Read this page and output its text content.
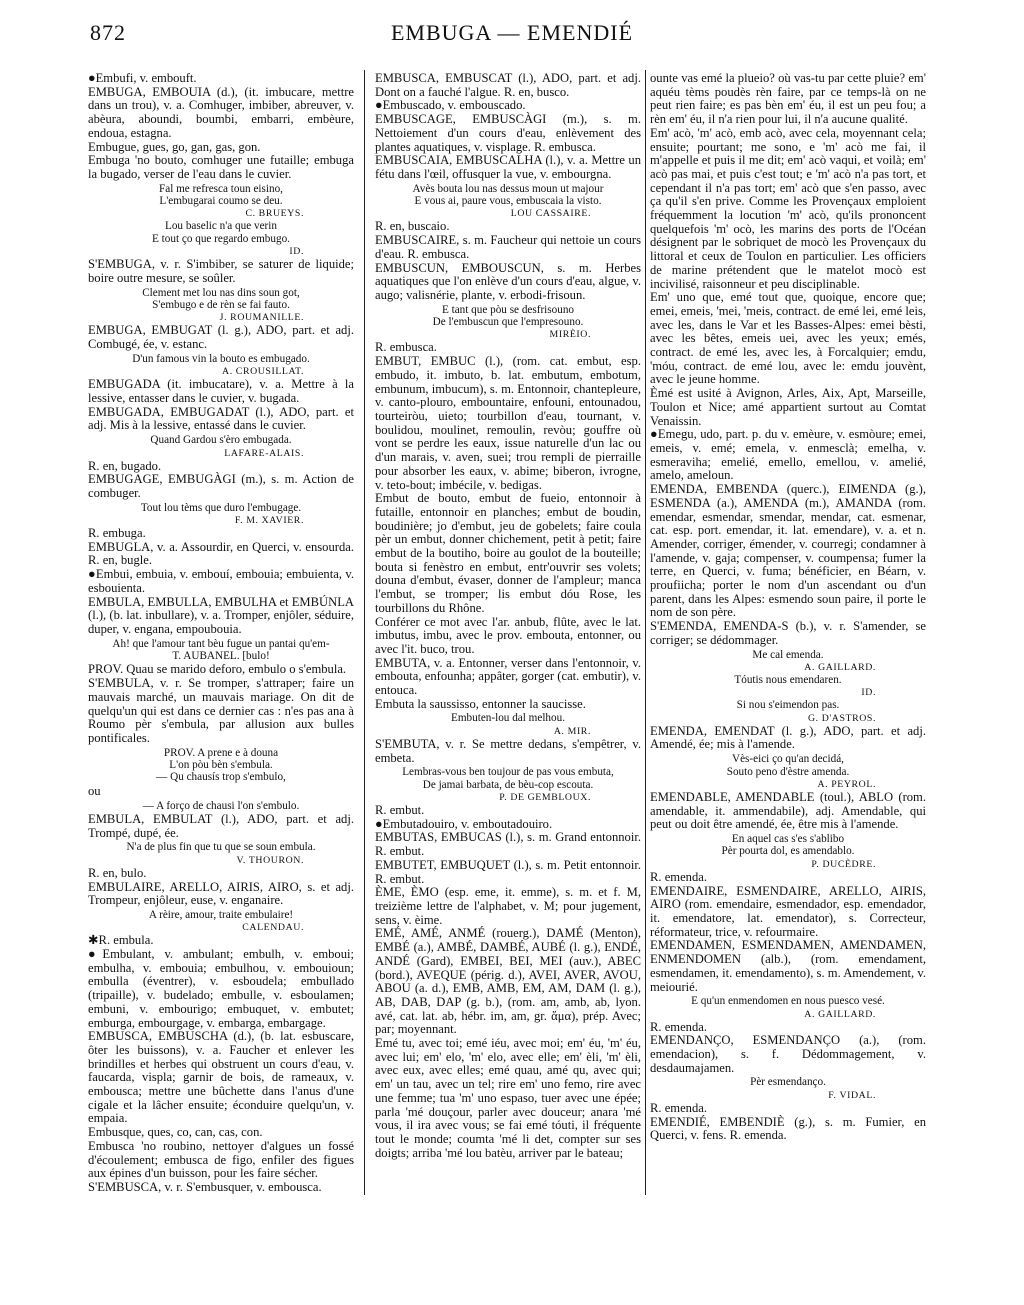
872	EMBUGA — EMENDIÉ

●Embufi, v. embouft.

EMBUGA, EMBOUIA (d.), (it. imbucare, mettre dans un trou), v. a. Comhuger, imbiber, abreuver, v. abèura, aboundi, boumbi, embarri, embèure, endoua, estagna.

Embugue, gues, go, gan, gas, gon.

Embuga 'no bouto, comhuger une futaille; embuga la bugado, verser de l'eau dans le cuvier.

Fal me refresca toun eisino,
L'embugarai coumo se deu.

C. BRUEYS.

Lou baselic n'a que verin
E tout ço que regardo embugo.

ID.

S'EMBUGA, v. r. S'imbiber, se saturer de liquide; boire outre mesure, se soûler.

Clement met lou nas dins soun got,
S'embugo e de rèn se fai fauto.

J. ROUMANILLE.

EMBUGA, EMBUGAT (l. g.), ADO, part. et adj. Combugé, ée, v. estanc.

D'un famous vin la bouto es embugado.

A. CROUSILLAT.

EMBUGADA (it. imbucatare), v. a. Mettre à la lessive, entasser dans le cuvier, v. bugada.

EMBUGADA, EMBUGADAT (l.), ADO, part. et adj. Mis à la lessive, entassé dans le cuvier.

Quand Gardou s'èro embugada.

LAFARE-ALAIS.

R. en, bugado.

EMBUGAGE, EMBUGÀGI (m.), s. m. Action de combuger.

Tout lou tèms que duro l'embugage.

F. M. XAVIER.

R. embuga.

EMBUGLA, v. a. Assourdir, en Querci, v. ensourda. R. en, bugle.

●Embui, embuia, v. embouí, embouia; embuienta, v. esbouienta.

EMBULA, EMBULLA, EMBULHA et EMBÚNLA (l.), (b. lat. inbullare), v. a. Tromper, enjôler, séduire, duper, v. engana, empoubouia.

Ah! que l'amour tant bèu fugue un pantai qu'em-
T. AUBANEL. [bulo!

PROV. Quau se marido deforo, embulo o s'embula.

S'EMBULA, v. r. Se tromper, s'attraper; faire un mauvais marché, un mauvais mariage. On dit de quelqu'un qui est dans ce dernier cas : n'es pas ana à Roumo pèr s'embula, par allusion aux bulles pontificales.

PROV. A prene e à douna
L'on pòu bèn s'embula.
— Qu chausís trop s'embulo,

ou

— A forço de chausi l'on s'embulo.

EMBULA, EMBULAT (l.), ADO, part. et adj. Trompé, dupé, ée.

N'a de plus fin que tu que se soun embula.

V. THOURON.

R. en, bulo.

EMBULAIRE, ARELLO, AIRIS, AIRO, s. et adj. Trompeur, enjôleur, euse, v. enganaire.

A rèire, amour, traite embulaire!

CALENDAU.

✱R. embula.

●Embulant, v. ambulant; embulh, v. emboui; embulha, v. embouia; embulhou, v. embouioun; embulla (éventrer), v. esboudela; embullado (tripaille), v. budelado; embulle, v. esboulamen; embuni, v. embourigo; embuquet, v. embutet; emburga, embourgage, v. embarga, embargage.

EMBUSCA, EMBUSCHA (d.), (b. lat. esbuscare, ôter les buissons), v. a. Faucher et enlever les brindilles et herbes qui obstruent un cours d'eau, v. faucarda, vispla; garnir de bois, de rameaux, v. embousca; mettre une bûchette dans l'anus d'une cigale et la lâcher ensuite; éconduire quelqu'un, v. empaia.

Embusque, ques, co, can, cas, con.

Embusca 'no roubino, nettoyer d'algues un fossé d'écoulement; embusca de figo, enfiler des figues aux épines d'un buisson, pour les faire sécher.

S'EMBUSCA, v. r. S'embusquer, v. embousca.

EMBUSCA, EMBUSCAT (l.), ADO, part. et adj. Dont on a fauché l'algue. R. en, busco.

●Embuscado, v. embouscado.

EMBUSCAGE, EMBUSCÀGI (m.), s. m. Nettoiement d'un cours d'eau, enlèvement des plantes aquatiques, v. visplage. R. embusca.

EMBUSCAIA, EMBUSCALHA (l.), v. a. Mettre un fétu dans l'œil, offusquer la vue, v. embourgna.

Avès bouta lou nas dessus moun ut majour
E vous ai, paure vous, embuscaia la visto.

LOU CASSAIRE.

R. en, buscaio.

EMBUSCAIRE, s. m. Faucheur qui nettoie un cours d'eau. R. embusca.

EMBUSCUN, EMBOUSCUN, s. m. Herbes aquatiques que l'on enlève d'un cours d'eau, algue, v. augo; valisnérie, plante, v. erbodi-frisoun.

E tant que pòu se desfrisouno
De l'embuscun que l'empresouno.

MIRÈIO.

R. embusca.

EMBUT, EMBUC (l.), (rom. cat. embut, esp. embudo, it. imbuto, b. lat. embutum, embotum, embunum, imbucum), s. m. Entonnoir, chantepleure, v. canto-plouro, embountaire, enfouni, entounadou, tourteiròu, uieto; tourbillon d'eau, tournant, v. boulidou, moulinet, remoulin, revòu; gouffre où vont se perdre les eaux, issue naturelle d'un lac ou d'un marais, v. aven, suei; trou rempli de pierraille pour absorber les eaux, v. abime; biberon, ivrogne, v. teto-bout; imbécile, v. bedigas.

Embut de bouto, embut de fueio, entonnoir à futaille, entonnoir en planches; embut de boudin, boudinière; jo d'embut, jeu de gobelets; faire coula pèr un embut, donner chichement, petit à petit; faire embut de la boutiho, boire au goulot de la bouteille; bouta si fenèstro en embut, entr'ouvrir ses volets; douna d'embut, évaser, donner de l'ampleur; manca l'embut, se tromper; lis embut dóu Rose, les tourbillons du Rhône.

Conférer ce mot avec l'ar. anbub, flûte, avec le lat. imbutus, imbu, avec le prov. embouta, entonner, ou avec l'it. buco, trou.

EMBUTA, v. a. Entonner, verser dans l'entonnoir, v. embouta, enfounha; appâter, gorger (cat. embutir), v. entoucа.

Embuta la saussisso, entonner la saucisse.

Embuten-lou dal melhou.

A. MIR.

S'EMBUTA, v. r. Se mettre dedans, s'empêtrer, v. embeta.

Lembras-vous ben toujour de pas vous embuta,
De jamai barbata, de bèu-cop escouta.

P. DE GEMBLOUX.

R. embut.

●Embutadouiro, v. emboutadouiro.

EMBUTAS, EMBUCAS (l.), s. m. Grand entonnoir. R. embut.

EMBUTET, EMBUQUET (l.), s. m. Petit entonnoir. R. embut.

ÈME, ÈMO (esp. eme, it. emme), s. m. et f. M, treizième lettre de l'alphabet, v. M; pour jugement, sens, v. èime.

EMÉ, AMÉ, ANMÉ (rouerg.), DAMÉ (Menton), EMBÉ (a.), AMBÉ, DAMBÉ, AUBÉ (l. g.), ENDÉ, ANDÉ (Gard), EMBEI, BEI, MEI (auv.), ABEC (bord.), AVEQUE (périg. d.), AVEI, AVER, AVOU, ABOU (a. d.), EMB, AMB, EM, AM, DAM (l. g.), AB, DAB, DAP (g. b.), (rom. am, amb, ab, lyon. avé, cat. lat. ab, hébr. im, am, gr. ἅμα), prép. Avec; par; moyennant.

Emé tu, avec toi; emé iéu, avec moi; em' éu, 'm' éu, avec lui; em' elo, 'm' elo, avec elle; em' èli, 'm' èli, avec eux, avec elles; emé quau, amé qu, avec qui; em' un tau, avec un tel; rire em' uno femo, rire avec une femme; tua 'm' uno espaso, tuer avec une épée; parla 'mé douçour, parler avec douceur; anara 'mé vous, il ira avec vous; se fai emé tóuti, il fréquente tout le monde; coumta 'mé li det, compter sur ses doigts; arriba 'mé lou batèu, arriver par le bateau;

ounte vas emé la plueio? où vas-tu par cette pluie? em' aquéu tèms poudès rèn faire, par ce temps-là on ne peut rien faire; es pas bèn em' éu, il est un peu fou; a rèn em' éu, il n'a rien pour lui, il n'a aucune qualité.

Em' acò, 'm' acò, emb acò, avec cela, moyennant cela; ensuite; pourtant; me sono, e 'm' acò me fai, il m'appelle et puis il me dit; em' acò vaqui, et voilà; em' acò pas mai, et puis c'est tout; e 'm' acò n'a pas tort, et cependant il n'a pas tort; em' acò que s'en passo, avec ça qu'il s'en prive. Comme les Provençaux emploient fréquemment la locution 'm' acò, qu'ils prononcent quelquefois 'm' ocò, les marins des ports de l'Océan désignent par le sobriquet de mocò les Provençaux du littoral et ceux de Toulon en particulier. Les officiers de marine prétendent que le matelot mocò est incivilisé, raisonneur et peu disciplinable.

Em' uno que, emé tout que, quoique, encore que; emei, emeis, 'mei, 'meis, contract. de emé lei, emé leis, avec les, dans le Var et les Basses-Alpes: emei bèsti, avec les bêtes, emeis uei, avec les yeux; emés, contract. de emé les, avec les, à Forcalquier; emdu, 'móu, contract. de emé lou, avec le: emdu jouvènt, avec le jeune homme.

Èmé est usité à Avignon, Arles, Aix, Apt, Marseille, Toulon et Nice; amé appartient surtout au Comtat Venaissin.

●Emegu, udo, part. p. du v. emèure, v. esmòure; emei, emeis, v. emé; emela, v. enmesclà; emelha, v. esmeraviha; emelié, emello, emellou, v. amelié, amelo, ameloun.

EMENDA, EMBENDA (querc.), EIMENDA (g.), ESMENDA (a.), AMENDA (m.), AMANDA (rom. emendar, esmendar, smendar, mendar, cat. esmenar, cat. esp. port. emendar, it. lat. emendare), v. a. et n. Amender, corriger, émender, v. courregi; condamner à l'amende, v. gaja; compenser, v. coumpensa; fumer la terre, en Querci, v. fuma; bénéficier, en Béarn, v. proufiicha; porter le nom d'un ascendant ou d'un parent, dans les Alpes: esmendo soun paire, il porte le nom de son père.

S'EMENDA, EMENDA-S (b.), v. r. S'amender, se corriger; se dédommager.

Me cal emenda.

A. GAILLARD.

Tóutis nous emendaren.

ID.

Si nou s'eimendon pas.

G. D'ASTROS.

EMENDA, EMENDAT (l. g.), ADO, part. et adj. Amendé, ée; mis à l'amende.

Vès-eici ço qu'an decidá,
Souto peno d'èstre amenda.

A. PEYROL.

EMENDABLE, AMENDABLE (toul.), ABLO (rom. amendable, it. ammendabile), adj. Amendable, qui peut ou doit être amendé, ée, être mis à l'amende.

En aquel cas s'es s'ablibo
Pèr pourta dol, es amendablo.

P. DUCÈDRE.

R. emenda.

EMENDAIRE, ESMENDAIRE, ARELLO, AIRIS, AIRO (rom. emendaire, esmendador, esp. emendador, it. emendatore, lat. emendator), s. Correcteur, réformateur, trice, v. refourmaire.

EMENDAMEN, ESMENDAMEN, AMENDAMEN, ENMENDOMEN (alb.), (rom. emendament, esmendamen, it. emendamento), s. m. Amendement, v. meiourié.

E qu'un enmendomen en nous puesco vesé.

A. GAILLARD.

R. emenda.

EMENDANÇO, ESMENDANÇO (a.), (rom. emendacion), s. f. Dédommagement, v. desdaumajamen.

Pèr esmendanço.

F. VIDAL.

R. emenda.

EMENDIÉ, EMBENDIÈ (g.), s. m. Fumier, en Querci, v. fens. R. emenda.
